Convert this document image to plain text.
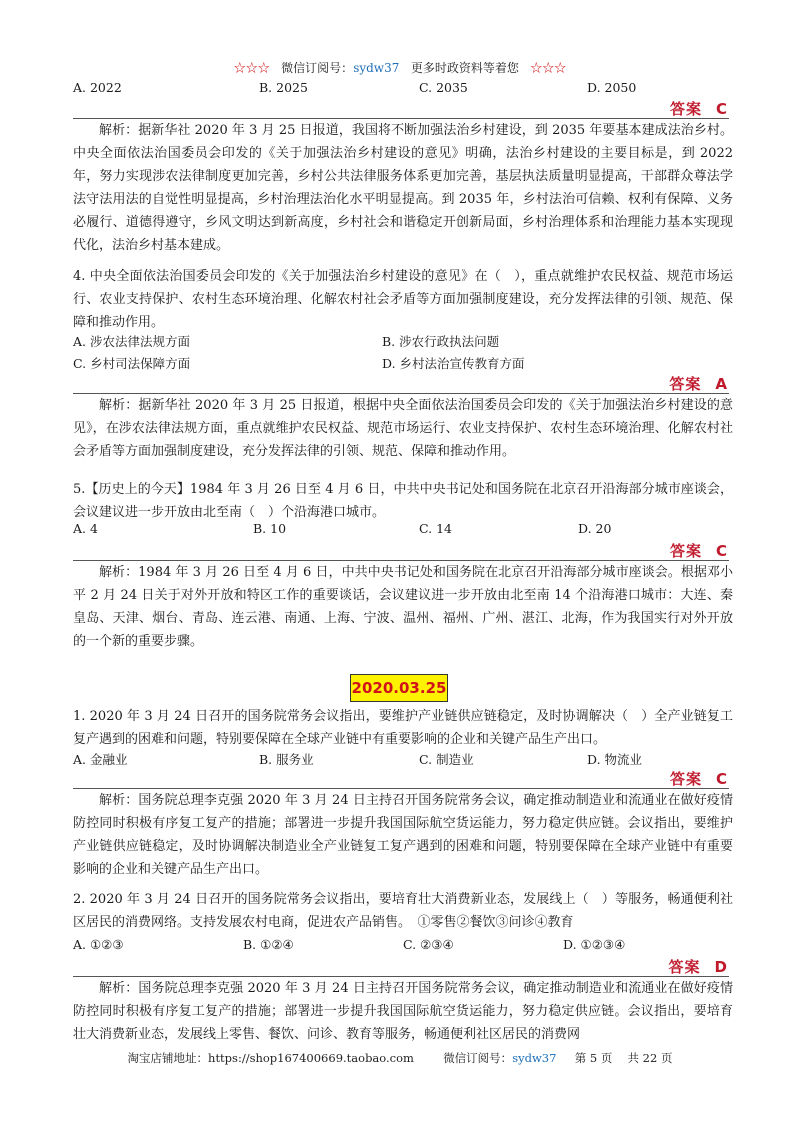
☆☆☆ 微信订阅号：sydw37 更多时政资料等着您 ☆☆☆
A. 2022	B. 2025	C. 2035	D. 2050
答案 C
解析：据新华社 2020 年 3 月 25 日报道，我国将不断加强法治乡村建设，到 2035 年要基本建成法治乡村。中央全面依法治国委员会印发的《关于加强法治乡村建设的意见》明确，法治乡村建设的主要目标是，到 2022 年，努力实现涉农法律制度更加完善，乡村公共法律服务体系更加完善，基层执法质量明显提高，干部群众尊法学法守法用法的自觉性明显提高，乡村治理法治化水平明显提高。到 2035 年，乡村法治可信赖、权利有保障、义务必履行、道德得遵守，乡风文明达到新高度，乡村社会和谐稳定开创新局面，乡村治理体系和治理能力基本实现现代化，法治乡村基本建成。
4. 中央全面依法治国委员会印发的《关于加强法治乡村建设的意见》在（　），重点就维护农民权益、规范市场运行、农业支持保护、农村生态环境治理、化解农村社会矛盾等方面加强制度建设，充分发挥法律的引领、规范、保障和推动作用。
A. 涉农法律法规方面	B. 涉农行政执法问题
C. 乡村司法保障方面	D. 乡村法治宣传教育方面
答案 A
解析：据新华社 2020 年 3 月 25 日报道，根据中央全面依法治国委员会印发的《关于加强法治乡村建设的意见》，在涉农法律法规方面，重点就维护农民权益、规范市场运行、农业支持保护、农村生态环境治理、化解农村社会矛盾等方面加强制度建设，充分发挥法律的引领、规范、保障和推动作用。
5.【历史上的今天】1984 年 3 月 26 日至 4 月 6 日，中共中央书记处和国务院在北京召开沿海部分城市座谈会，会议建议进一步开放由北至南（　）个沿海港口城市。
A. 4	B. 10	C. 14	D. 20
答案 C
解析：1984 年 3 月 26 日至 4 月 6 日，中共中央书记处和国务院在北京召开沿海部分城市座谈会。根据邓小平 2 月 24 日关于对外开放和特区工作的重要谈话，会议建议进一步开放由北至南 14 个沿海港口城市：大连、秦皇岛、天津、烟台、青岛、连云港、南通、上海、宁波、温州、福州、广州、湛江、北海，作为我国实行对外开放的一个新的重要步骤。
2020.03.25
1. 2020 年 3 月 24 日召开的国务院常务会议指出，要维护产业链供应链稳定，及时协调解决（　）全产业链复工复产遇到的困难和问题，特别要保障在全球产业链中有重要影响的企业和关键产品生产出口。
A. 金融业	B. 服务业	C. 制造业	D. 物流业
答案 C
解析：国务院总理李克强 2020 年 3 月 24 日主持召开国务院常务会议，确定推动制造业和流通业在做好疫情防控同时积极有序复工复产的措施；部署进一步提升我国国际航空货运能力，努力稳定供应链。会议指出，要维护产业链供应链稳定，及时协调解决制造业全产业链复工复产遇到的困难和问题，特别要保障在全球产业链中有重要影响的企业和关键产品生产出口。
2. 2020 年 3 月 24 日召开的国务院常务会议指出，要培育壮大消费新业态，发展线上（　）等服务，畅通便利社区居民的消费网络。支持发展农村电商，促进农产品销售。　①零售②餐饮③问诊④教育
A. ①②③	B. ①②④	C. ②③④	D. ①②③④
答案 D
解析：国务院总理李克强 2020 年 3 月 24 日主持召开国务院常务会议，确定推动制造业和流通业在做好疫情防控同时积极有序复工复产的措施；部署进一步提升我国国际航空货运能力，努力稳定供应链。会议指出，要培育壮大消费新业态，发展线上零售、餐饮、问诊、教育等服务，畅通便利社区居民的消费网
淘宝店铺地址：https://shop167400669.taobao.com	微信订阅号：sydw37 第 5 页　 共 22 页
